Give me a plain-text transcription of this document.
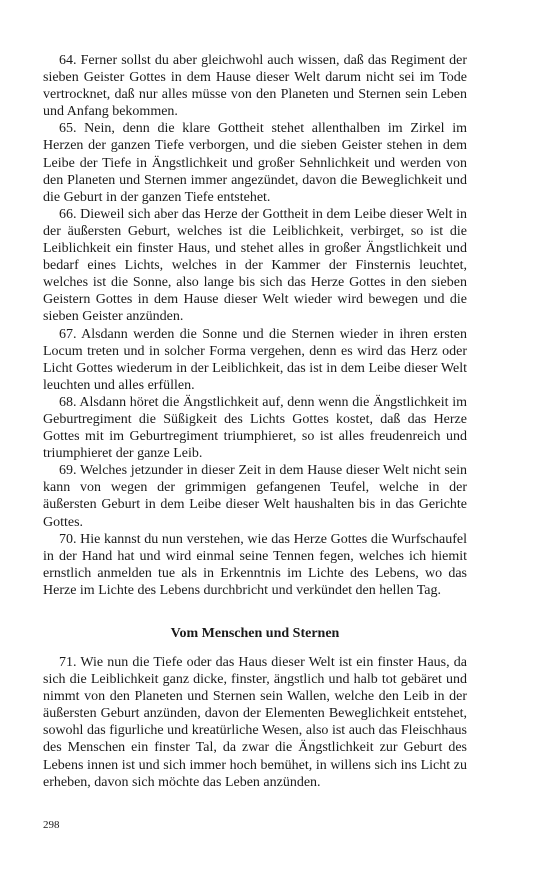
64. Ferner sollst du aber gleichwohl auch wissen, daß das Regiment der sieben Geister Gottes in dem Hause dieser Welt darum nicht sei im Tode vertrocknet, daß nur alles müsse von den Planeten und Sternen sein Leben und Anfang bekommen.

65. Nein, denn die klare Gottheit stehet allenthalben im Zirkel im Herzen der ganzen Tiefe verborgen, und die sieben Geister stehen in dem Leibe der Tiefe in Ängstlichkeit und großer Sehnlichkeit und werden von den Planeten und Sternen immer angezündet, davon die Beweglichkeit und die Geburt in der ganzen Tiefe entstehet.

66. Dieweil sich aber das Herze der Gottheit in dem Leibe dieser Welt in der äußersten Geburt, welches ist die Leiblichkeit, verbirget, so ist die Leiblichkeit ein finster Haus, und stehet alles in großer Ängstlichkeit und bedarf eines Lichts, welches in der Kammer der Finsternis leuchtet, welches ist die Sonne, also lange bis sich das Herze Gottes in den sieben Geistern Gottes in dem Hause dieser Welt wieder wird bewegen und die sieben Geister anzünden.

67. Alsdann werden die Sonne und die Sternen wieder in ihren ersten Locum treten und in solcher Forma vergehen, denn es wird das Herz oder Licht Gottes wiederum in der Leiblichkeit, das ist in dem Leibe dieser Welt leuchten und alles erfüllen.

68. Alsdann höret die Ängstlichkeit auf, denn wenn die Ängstlichkeit im Geburtregiment die Süßigkeit des Lichts Gottes kostet, daß das Herze Gottes mit im Geburtregiment triumphieret, so ist alles freudenreich und triumphieret der ganze Leib.

69. Welches jetzunder in dieser Zeit in dem Hause dieser Welt nicht sein kann von wegen der grimmigen gefangenen Teufel, welche in der äußersten Geburt in dem Leibe dieser Welt haushalten bis in das Gerichte Gottes.

70. Hie kannst du nun verstehen, wie das Herze Gottes die Wurfschaufel in der Hand hat und wird einmal seine Tennen fegen, welches ich hiemit ernstlich anmelden tue als in Erkenntnis im Lichte des Lebens, wo das Herze im Lichte des Lebens durchbricht und verkündet den hellen Tag.

Vom Menschen und Sternen

71. Wie nun die Tiefe oder das Haus dieser Welt ist ein finster Haus, da sich die Leiblichkeit ganz dicke, finster, ängstlich und halb tot gebäret und nimmt von den Planeten und Sternen sein Wallen, welche den Leib in der äußersten Geburt anzünden, davon der Elementen Beweglichkeit entstehet, sowohl das figurliche und kreatürliche Wesen, also ist auch das Fleischhaus des Menschen ein finster Tal, da zwar die Ängstlichkeit zur Geburt des Lebens innen ist und sich immer hoch bemühet, in willens sich ins Licht zu erheben, davon sich möchte das Leben anzünden.

298
